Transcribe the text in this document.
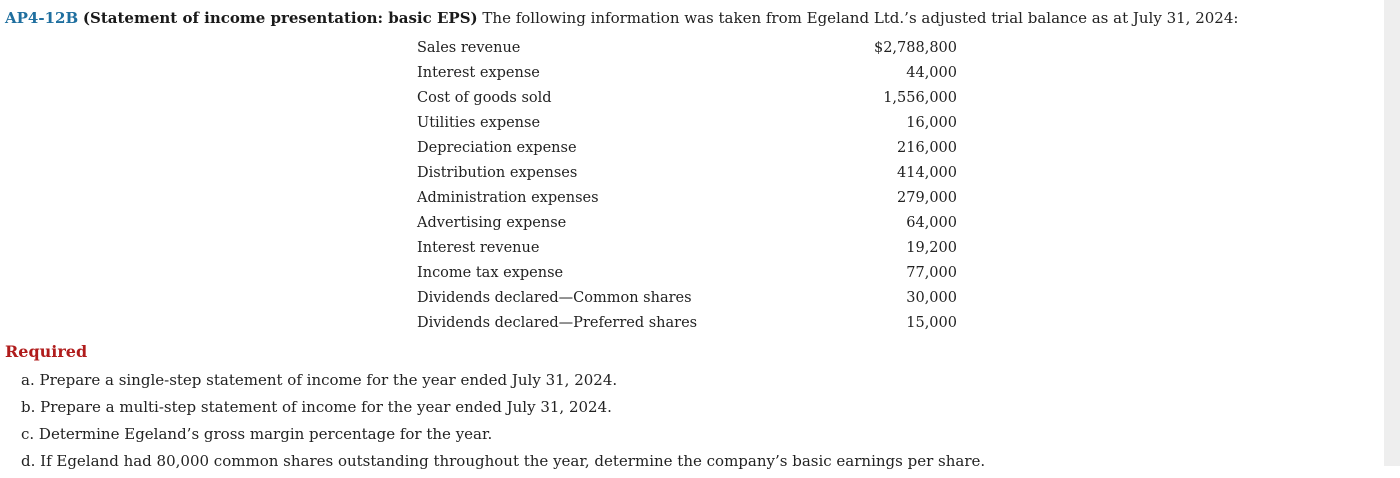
AP4-12B (Statement of income presentation: basic EPS) The following information was taken from Egeland Ltd.’s adjusted trial balance as at July 31, 2024:
Sales revenue	$2,788,800
Interest expense	44,000
Cost of goods sold	1,556,000
Utilities expense	16,000
Depreciation expense	216,000
Distribution expenses	414,000
Administration expenses	279,000
Advertising expense	64,000
Interest revenue	19,200
Income tax expense	77,000
Dividends declared—Common shares	30,000
Dividends declared—Preferred shares	15,000
Required
a. Prepare a single-step statement of income for the year ended July 31, 2024.
b. Prepare a multi-step statement of income for the year ended July 31, 2024.
c. Determine Egeland’s gross margin percentage for the year.
d. If Egeland had 80,000 common shares outstanding throughout the year, determine the company’s basic earnings per share.
